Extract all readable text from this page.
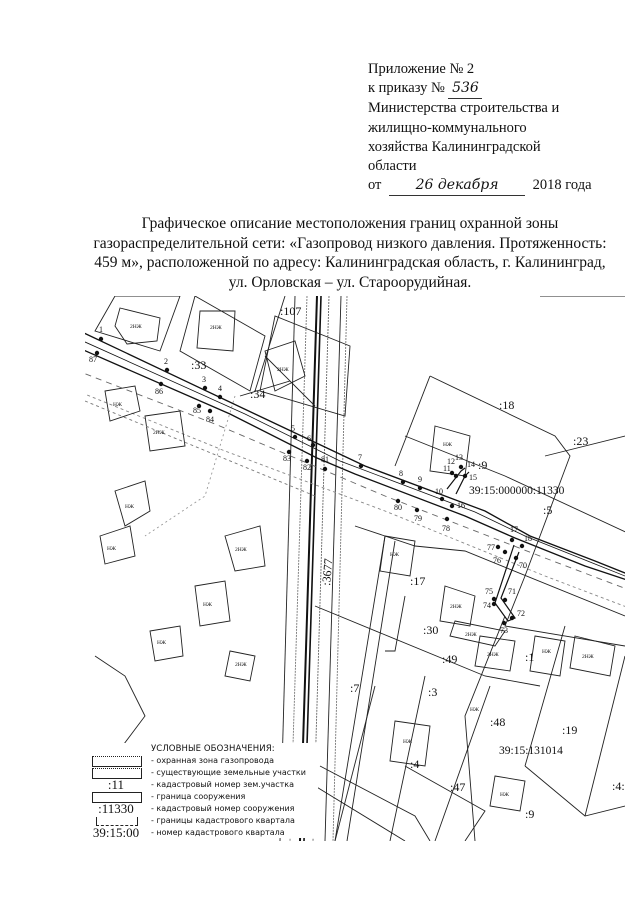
Приложение № 2
к приказу № 536
Министерства строительства и
жилищно-коммунального
хозяйства Калининградской
области
от 26 декабря 2018 года
Графическое описание местоположения границ охранной зоны
газораспределительной сети: «Газопровод низкого давления. Протяженность:
459 м», расположенной по адресу: Калининградская область, г. Калининград,
ул. Орловская – ул. Староорудийная.
1
2
3
4
5
6
7
8
9
10
11
12 13
14
15
16
17
18
70
71
72
73
74
75
76
77
78
79
80
81
82
83
84
85
86
87
:107
:33
:34
:18
:23
:9
:5
:17
:30
:49	:1
:7	:3
:48
:19
:4
:47
:9
:4:
:3677
39:15:000000:11330
39:15:131014
2НЖ	2НЖ
2НЖ
НЖ
2НЖ
НЖ
НЖ	2НЖ
НЖ
НЖ
2НЖ
НЖ
НЖ
2НЖ
2НЖ	НЖ
2НЖ
НЖ
НЖ
2НЖ
НЖ
УСЛОВНЫЕ ОБОЗНАЧЕНИЯ:
- охранная зона газопровода
- существующие земельные участки
:11	- кадастровый номер зем.участка
- граница сооружения
:11330	- кадастровый номер сооружения
- границы кадастрового квартала
39:15:00	- номер кадастрового квартала
